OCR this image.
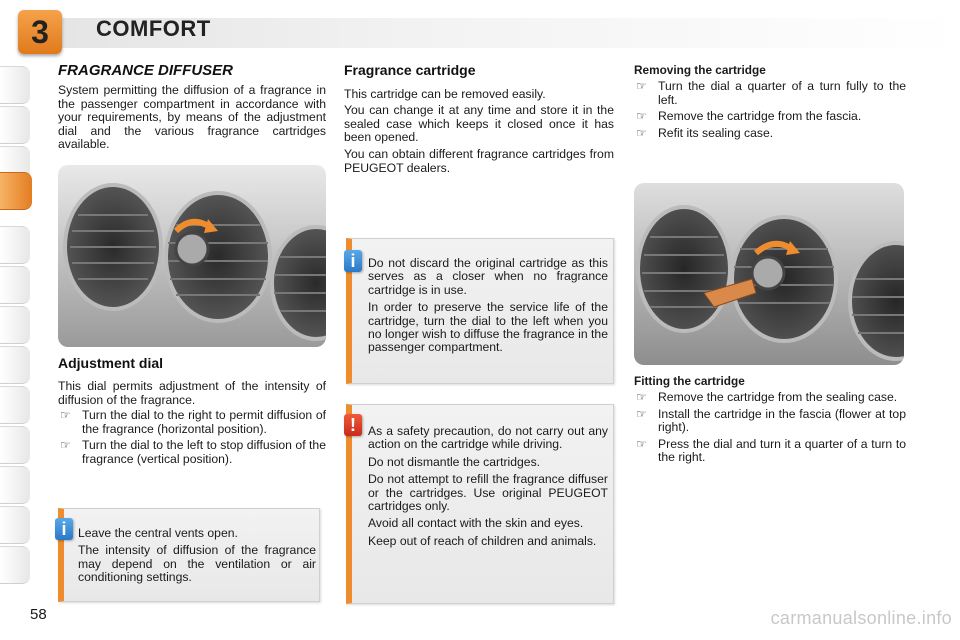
3	COMFORT
FRAGRANCE DIFFUSER

System permitting the diffusion of a fragrance in the passenger compartment in accordance with your requirements, by means of the adjustment dial and the various fragrance cartridges available.

Adjustment dial

This dial permits adjustment of the intensity of diffusion of the fragrance.

☞ Turn the dial to the right to permit diffusion of the fragrance (horizontal position).
☞ Turn the dial to the left to stop diffusion of the fragrance (vertical position).

Leave the central vents open.

The intensity of diffusion of the fragrance may depend on the ventilation or air conditioning settings.

i
Fragrance cartridge

This cartridge can be removed easily.

You can change it at any time and store it in the sealed case which keeps it closed once it has been opened.

You can obtain different fragrance cartridges from PEUGEOT dealers.

Do not discard the original cartridge as this serves as a closer when no fragrance cartridge is in use.

In order to preserve the service life of the cartridge, turn the dial to the left when you no longer wish to diffuse the fragrance in the passenger compartment.

i

As a safety precaution, do not carry out any action on the cartridge while driving.

Do not dismantle the cartridges.

Do not attempt to refill the fragrance diffuser or the cartridges. Use original PEUGEOT cartridges only.

Avoid all contact with the skin and eyes.

Keep out of reach of children and animals.

!
Removing the cartridge
☞ Turn the dial a quarter of a turn fully to the left.
☞ Remove the cartridge from the fascia.
☞ Refit its sealing case.
Fitting the cartridge
☞ Remove the cartridge from the sealing case.
☞ Install the cartridge in the fascia (flower at top right).
☞ Press the dial and turn it a quarter of a turn to the right.
58	carmanualsonline.info
